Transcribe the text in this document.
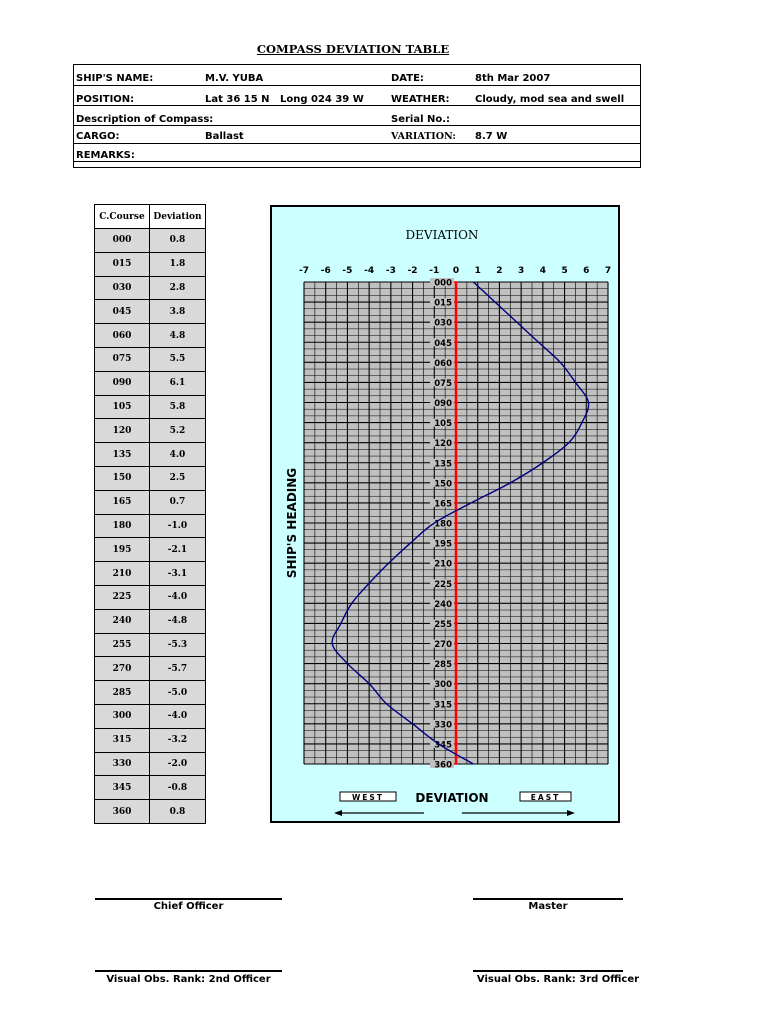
COMPASS DEVIATION TABLE
SHIP'S NAME:	M.V. YUBA	DATE:	8th Mar 2007
POSITION:	Lat 36 15 N   Long 024 39 W	WEATHER:	Cloudy, mod sea and swell
Description of Compass:	Serial No.:
CARGO:	Ballast	VARIATION: 8.7 W
REMARKS:
C.Course	Deviation
000	0.8
015	1.8
030	2.8
045	3.8
060	4.8
075	5.5
090	6.1
105	5.8
120	5.2
135	4.0
150	2.5
165	0.7
180	-1.0
195	-2.1
210	-3.1
225	-4.0
240	-4.8
255	-5.3
270	-5.7
285	-5.0
300	-4.0
315	-3.2
330	-2.0
345	-0.8
360	0.8
DEVIATION
-7 -6 -5 -4 -3 -2 -1 0 1 2 3 4 5 6 7
000
015
030
045
060
075
090
105
120
135
150
165
180
195
210
225
240
255
270
285
300
315
330
345
360
SHIP'S HEADING
WEST	EAST
DEVIATION
Chief Officer	Master
Visual Obs. Rank: 2nd Officer	Visual Obs. Rank: 3rd Officer
